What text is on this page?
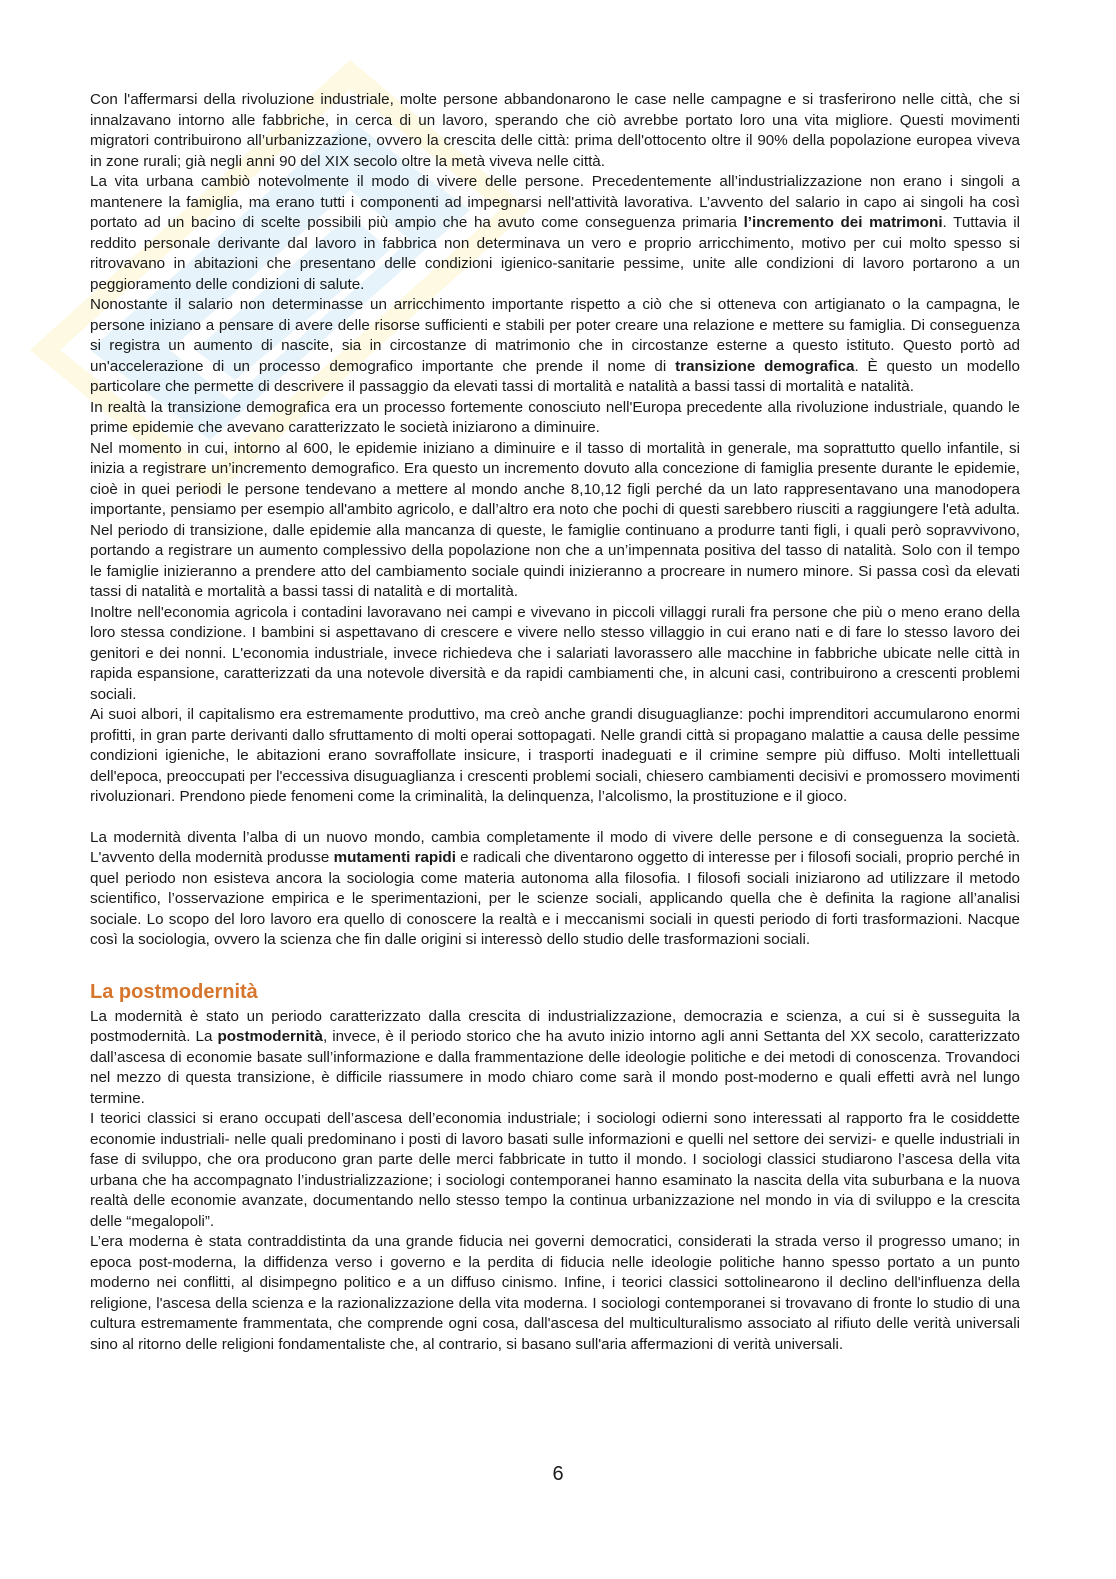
Con l'affermarsi della rivoluzione industriale, molte persone abbandonarono le case nelle campagne e si trasferirono nelle città, che si innalzavano intorno alle fabbriche, in cerca di un lavoro, sperando che ciò avrebbe portato loro una vita migliore. Questi movimenti migratori contribuirono all’urbanizzazione, ovvero la crescita delle città: prima dell'ottocento oltre il 90% della popolazione europea viveva in zone rurali; già negli anni 90 del XIX secolo oltre la metà viveva nelle città.

La vita urbana cambiò notevolmente il modo di vivere delle persone. Precedentemente all’industrializzazione non erano i singoli a mantenere la famiglia, ma erano tutti i componenti ad impegnarsi nell'attività lavorativa. L’avvento del salario in capo ai singoli ha così portato ad un bacino di scelte possibili più ampio che ha avuto come conseguenza primaria l’incremento dei matrimoni. Tuttavia il reddito personale derivante dal lavoro in fabbrica non determinava un vero e proprio arricchimento, motivo per cui molto spesso si ritrovavano in abitazioni che presentano delle condizioni igienico-sanitarie pessime, unite alle condizioni di lavoro portarono a un peggioramento delle condizioni di salute.

Nonostante il salario non determinasse un arricchimento importante rispetto a ciò che si otteneva con artigianato o la campagna, le persone iniziano a pensare di avere delle risorse sufficienti e stabili per poter creare una relazione e mettere su famiglia. Di conseguenza si registra un aumento di nascite, sia in circostanze di matrimonio che in circostanze esterne a questo istituto. Questo portò ad un'accelerazione di un processo demografico importante che prende il nome di transizione demografica. È questo un modello particolare che permette di descrivere il passaggio da elevati tassi di mortalità e natalità a bassi tassi di mortalità e natalità.

In realtà la transizione demografica era un processo fortemente conosciuto nell'Europa precedente alla rivoluzione industriale, quando le prime epidemie che avevano caratterizzato le società iniziarono a diminuire.

Nel momento in cui, intorno al 600, le epidemie iniziano a diminuire e il tasso di mortalità in generale, ma soprattutto quello infantile, si inizia a registrare un’incremento demografico. Era questo un incremento dovuto alla concezione di famiglia presente durante le epidemie, cioè in quei periodi le persone tendevano a mettere al mondo anche 8,10,12 figli perché da un lato rappresentavano una manodopera importante, pensiamo per esempio all'ambito agricolo, e dall’altro era noto che pochi di questi sarebbero riusciti a raggiungere l'età adulta. Nel periodo di transizione, dalle epidemie alla mancanza di queste, le famiglie continuano a produrre tanti figli, i quali però sopravvivono, portando a registrare un aumento complessivo della popolazione non che a un’impennata positiva del tasso di natalità. Solo con il tempo le famiglie inizieranno a prendere atto del cambiamento sociale quindi inizieranno a procreare in numero minore. Si passa così da elevati tassi di natalità e mortalità a bassi tassi di natalità e di mortalità.

Inoltre nell'economia agricola i contadini lavoravano nei campi e vivevano in piccoli villaggi rurali fra persone che più o meno erano della loro stessa condizione. I bambini si aspettavano di crescere e vivere nello stesso villaggio in cui erano nati e di fare lo stesso lavoro dei genitori e dei nonni. L'economia industriale, invece richiedeva che i salariati lavorassero alle macchine in fabbriche ubicate nelle città in rapida espansione, caratterizzati da una notevole diversità e da rapidi cambiamenti che, in alcuni casi, contribuirono a crescenti problemi sociali.

Ai suoi albori, il capitalismo era estremamente produttivo, ma creò anche grandi disuguaglianze: pochi imprenditori accumularono enormi profitti, in gran parte derivanti dallo sfruttamento di molti operai sottopagati. Nelle grandi città si propagano malattie a causa delle pessime condizioni igieniche, le abitazioni erano sovraffollate insicure, i trasporti inadeguati e il crimine sempre più diffuso. Molti intellettuali dell'epoca, preoccupati per l'eccessiva disuguaglianza i crescenti problemi sociali, chiesero cambiamenti decisivi e promossero movimenti rivoluzionari. Prendono piede fenomeni come la criminalità, la delinquenza, l’alcolismo, la prostituzione e il gioco.

La modernità diventa l’alba di un nuovo mondo, cambia completamente il modo di vivere delle persone e di conseguenza la società. L'avvento della modernità produsse mutamenti rapidi e radicali che diventarono oggetto di interesse per i filosofi sociali, proprio perché in quel periodo non esisteva ancora la sociologia come materia autonoma alla filosofia. I filosofi sociali iniziarono ad utilizzare il metodo scientifico, l’osservazione empirica e le sperimentazioni, per le scienze sociali, applicando quella che è definita la ragione all’analisi sociale. Lo scopo del loro lavoro era quello di conoscere la realtà e i meccanismi sociali in questi periodo di forti trasformazioni. Nacque così la sociologia, ovvero la scienza che fin dalle origini si interessò dello studio delle trasformazioni sociali.

La postmodernità

La modernità è stato un periodo caratterizzato dalla crescita di industrializzazione, democrazia e scienza, a cui si è susseguita la postmodernità. La postmodernità, invece, è il periodo storico che ha avuto inizio intorno agli anni Settanta del XX secolo, caratterizzato dall’ascesa di economie basate sull’informazione e dalla frammentazione delle ideologie politiche e dei metodi di conoscenza. Trovandoci nel mezzo di questa transizione, è difficile riassumere in modo chiaro come sarà il mondo post-moderno e quali effetti avrà nel lungo termine.

I teorici classici si erano occupati dell’ascesa dell’economia industriale; i sociologi odierni sono interessati al rapporto fra le cosiddette economie industriali- nelle quali predominano i posti di lavoro basati sulle informazioni e quelli nel settore dei servizi- e quelle industriali in fase di sviluppo, che ora producono gran parte delle merci fabbricate in tutto il mondo. I sociologi classici studiarono l’ascesa della vita urbana che ha accompagnato l’industrializzazione; i sociologi contemporanei hanno esaminato la nascita della vita suburbana e la nuova realtà delle economie avanzate, documentando nello stesso tempo la continua urbanizzazione nel mondo in via di sviluppo e la crescita delle “megalopoli”.

L’era moderna è stata contraddistinta da una grande fiducia nei governi democratici, considerati la strada verso il progresso umano; in epoca post-moderna, la diffidenza verso i governo e la perdita di fiducia nelle ideologie politiche hanno spesso portato a un punto moderno nei conflitti, al disimpegno politico e a un diffuso cinismo. Infine, i teorici classici sottolinearono il declino dell'influenza della religione, l'ascesa della scienza e la razionalizzazione della vita moderna. I sociologi contemporanei si trovavano di fronte lo studio di una cultura estremamente frammentata, che comprende ogni cosa, dall'ascesa del multiculturalismo associato al rifiuto delle verità universali sino al ritorno delle religioni fondamentaliste che, al contrario, si basano sull'aria affermazioni di verità universali.

6
